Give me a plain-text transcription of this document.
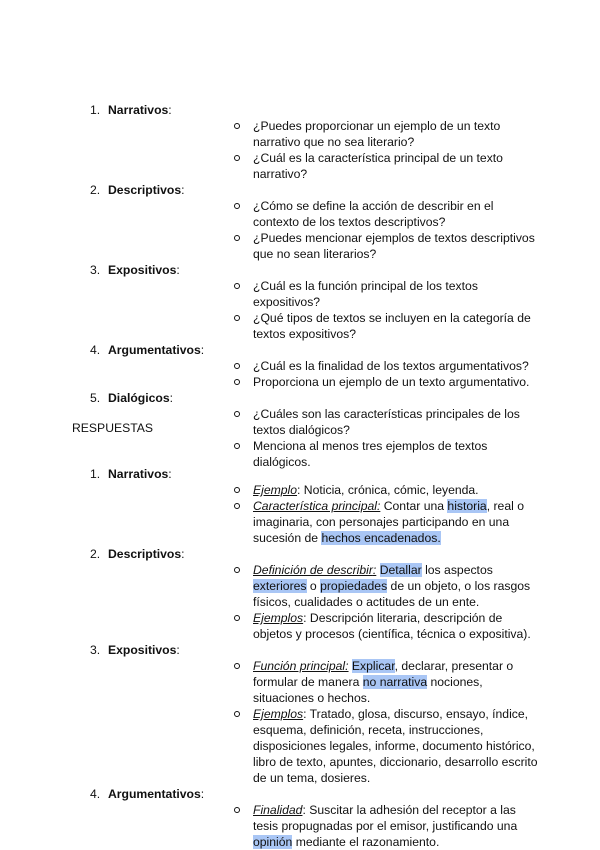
1. Narrativos:
¿Puedes proporcionar un ejemplo de un texto narrativo que no sea literario?
¿Cuál es la característica principal de un texto narrativo?
2. Descriptivos:
¿Cómo se define la acción de describir en el contexto de los textos descriptivos?
¿Puedes mencionar ejemplos de textos descriptivos que no sean literarios?
3. Expositivos:
¿Cuál es la función principal de los textos expositivos?
¿Qué tipos de textos se incluyen en la categoría de textos expositivos?
4. Argumentativos:
¿Cuál es la finalidad de los textos argumentativos?
Proporciona un ejemplo de un texto argumentativo.
5. Dialógicos:
¿Cuáles son las características principales de los textos dialógicos?
Menciona al menos tres ejemplos de textos dialógicos.
RESPUESTAS
1. Narrativos:
Ejemplo: Noticia, crónica, cómic, leyenda.
Característica principal: Contar una historia, real o imaginaria, con personajes participando en una sucesión de hechos encadenados.
2. Descriptivos:
Definición de describir: Detallar los aspectos exteriores o propiedades de un objeto, o los rasgos físicos, cualidades o actitudes de un ente.
Ejemplos: Descripción literaria, descripción de objetos y procesos (científica, técnica o expositiva).
3. Expositivos:
Función principal: Explicar, declarar, presentar o formular de manera no narrativa nociones, situaciones o hechos.
Ejemplos: Tratado, glosa, discurso, ensayo, índice, esquema, definición, receta, instrucciones, disposiciones legales, informe, documento histórico, libro de texto, apuntes, diccionario, desarrollo escrito de un tema, dosieres.
4. Argumentativos:
Finalidad: Suscitar la adhesión del receptor a las tesis propugnadas por el emisor, justificando una opinión mediante el razonamiento.
